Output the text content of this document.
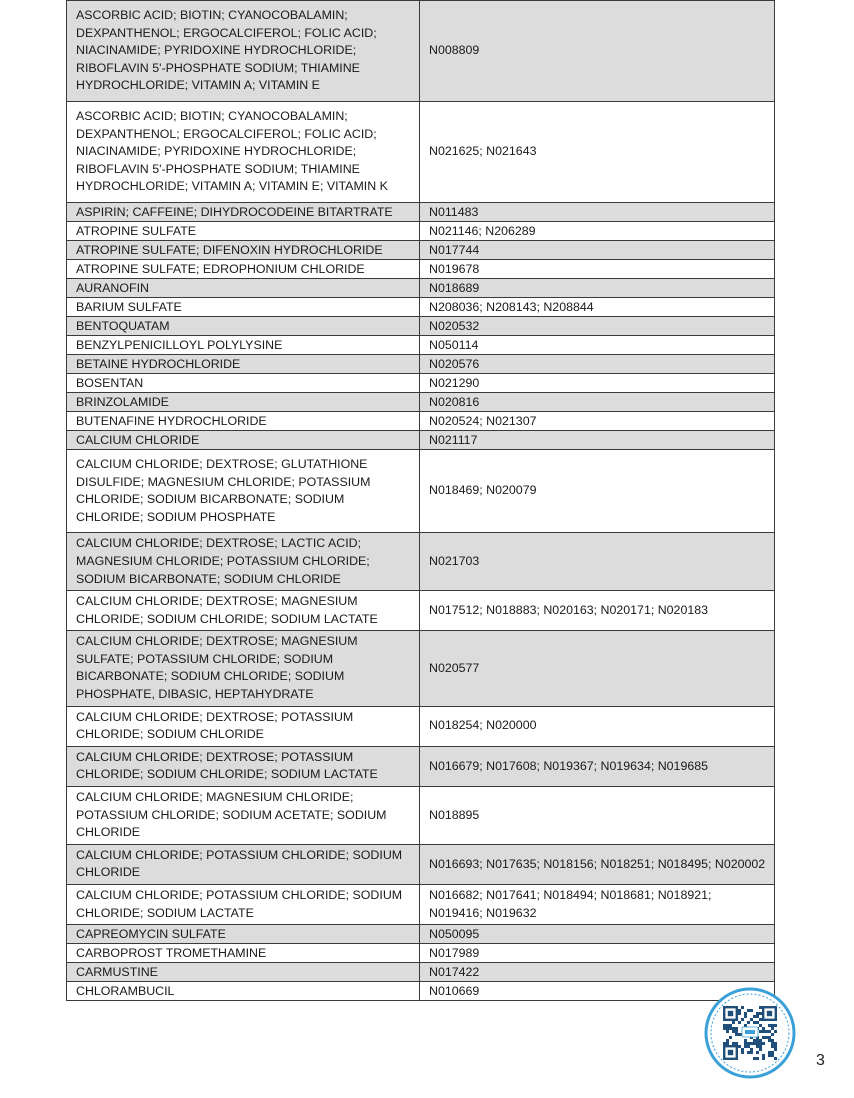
ASCORBIC ACID; BIOTIN; CYANOCOBALAMIN; DEXPANTHENOL; ERGOCALCIFEROL; FOLIC ACID; NIACINAMIDE; PYRIDOXINE HYDROCHLORIDE; RIBOFLAVIN 5'-PHOSPHATE SODIUM; THIAMINE HYDROCHLORIDE; VITAMIN A; VITAMIN E	N008809
ASCORBIC ACID; BIOTIN; CYANOCOBALAMIN; DEXPANTHENOL; ERGOCALCIFEROL; FOLIC ACID; NIACINAMIDE; PYRIDOXINE HYDROCHLORIDE; RIBOFLAVIN 5'-PHOSPHATE SODIUM; THIAMINE HYDROCHLORIDE; VITAMIN A; VITAMIN E; VITAMIN K	N021625; N021643
ASPIRIN; CAFFEINE; DIHYDROCODEINE BITARTRATE	N011483
ATROPINE SULFATE	N021146; N206289
ATROPINE SULFATE; DIFENOXIN HYDROCHLORIDE	N017744
ATROPINE SULFATE; EDROPHONIUM CHLORIDE	N019678
AURANOFIN	N018689
BARIUM SULFATE	N208036; N208143; N208844
BENTOQUATAM	N020532
BENZYLPENICILLOYL POLYLYSINE	N050114
BETAINE HYDROCHLORIDE	N020576
BOSENTAN	N021290
BRINZOLAMIDE	N020816
BUTENAFINE HYDROCHLORIDE	N020524; N021307
CALCIUM CHLORIDE	N021117
CALCIUM CHLORIDE; DEXTROSE; GLUTATHIONE DISULFIDE; MAGNESIUM CHLORIDE; POTASSIUM CHLORIDE; SODIUM BICARBONATE; SODIUM CHLORIDE; SODIUM PHOSPHATE	N018469; N020079
CALCIUM CHLORIDE; DEXTROSE; LACTIC ACID; MAGNESIUM CHLORIDE; POTASSIUM CHLORIDE; SODIUM BICARBONATE; SODIUM CHLORIDE	N021703
CALCIUM CHLORIDE; DEXTROSE; MAGNESIUM CHLORIDE; SODIUM CHLORIDE; SODIUM LACTATE	N017512; N018883; N020163; N020171; N020183
CALCIUM CHLORIDE; DEXTROSE; MAGNESIUM SULFATE; POTASSIUM CHLORIDE; SODIUM BICARBONATE; SODIUM CHLORIDE; SODIUM PHOSPHATE, DIBASIC, HEPTAHYDRATE	N020577
CALCIUM CHLORIDE; DEXTROSE; POTASSIUM CHLORIDE; SODIUM CHLORIDE	N018254; N020000
CALCIUM CHLORIDE; DEXTROSE; POTASSIUM CHLORIDE; SODIUM CHLORIDE; SODIUM LACTATE	N016679; N017608; N019367; N019634; N019685
CALCIUM CHLORIDE; MAGNESIUM CHLORIDE; POTASSIUM CHLORIDE; SODIUM ACETATE; SODIUM CHLORIDE	N018895
CALCIUM CHLORIDE; POTASSIUM CHLORIDE; SODIUM CHLORIDE	N016693; N017635; N018156; N018251; N018495; N020002
CALCIUM CHLORIDE; POTASSIUM CHLORIDE; SODIUM CHLORIDE; SODIUM LACTATE	N016682; N017641; N018494; N018681; N018921; N019416; N019632
CAPREOMYCIN SULFATE	N050095
CARBOPROST TROMETHAMINE	N017989
CARMUSTINE	N017422
CHLORAMBUCIL	N010669
3
